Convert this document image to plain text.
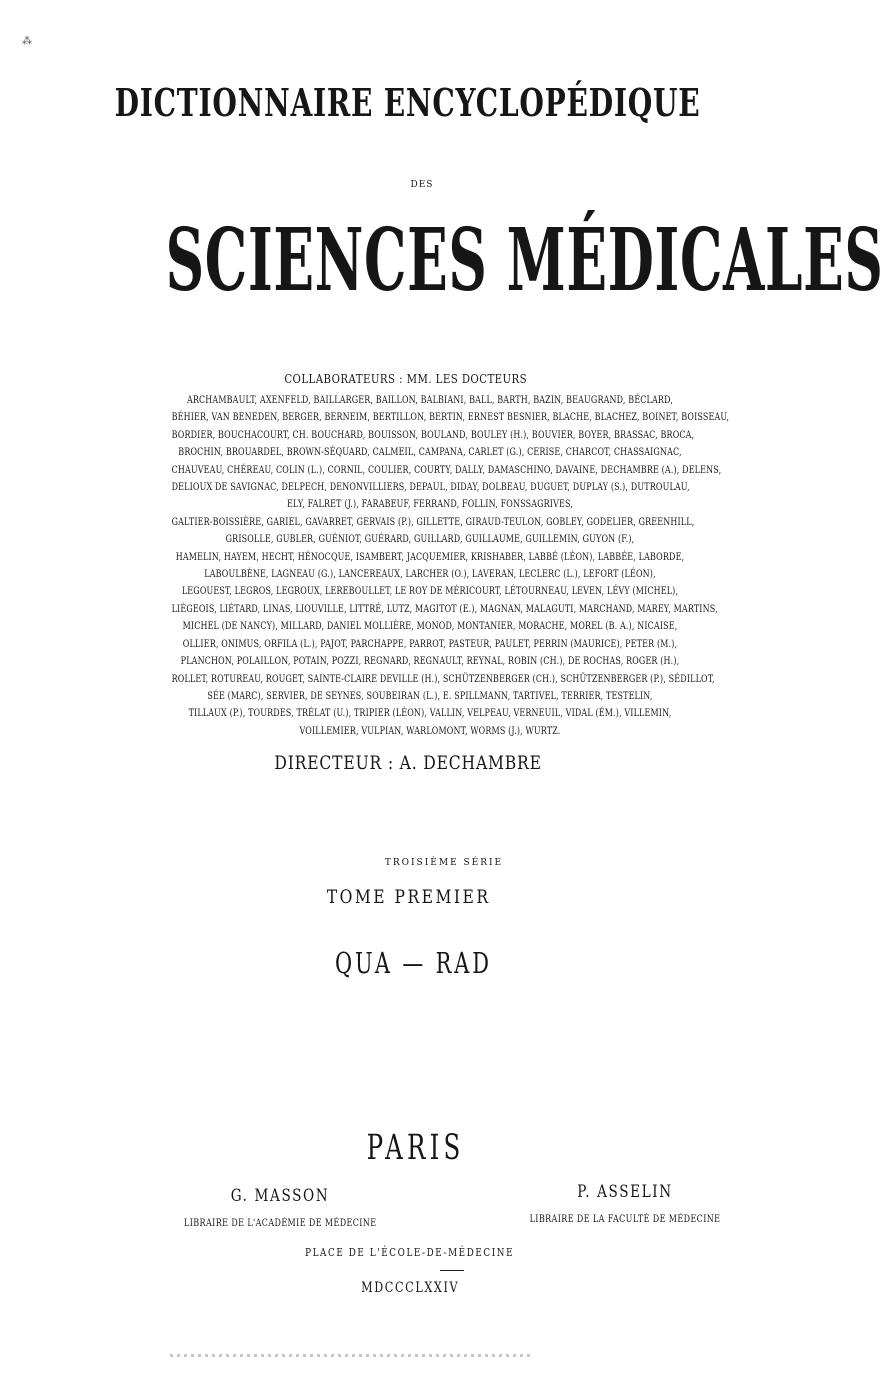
⁂
DICTIONNAIRE ENCYCLOPÉDIQUE
DES
SCIENCES MÉDICALES
COLLABORATEURS : MM. LES DOCTEURS
ARCHAMBAULT, AXENFELD, BAILLARGER, BAILLON, BALBIANI, BALL, BARTH, BAZIN, BEAUGRAND, BÉCLARD,
BÉHIER, VAN BENEDEN, BERGER, BERNEIM, BERTILLON, BERTIN, ERNEST BESNIER, BLACHE, BLACHEZ, BOINET, BOISSEAU,
BORDIER, BOUCHACOURT, CH. BOUCHARD, BOUISSON, BOULAND, BOULEY (H.), BOUVIER, BOYER, BRASSAC, BROCA,
BROCHIN, BROUARDEL, BROWN-SÉQUARD, CALMEIL, CAMPANA, CARLET (G.), CERISE, CHARCOT, CHASSAIGNAC,
CHAUVEAU, CHÉREAU, COLIN (L.), CORNIL, COULIER, COURTY, DALLY, DAMASCHINO, DAVAINE, DECHAMBRE (A.), DELENS,
DELIOUX DE SAVIGNAC, DELPECH, DENONVILLIERS, DEPAUL, DIDAY, DOLBEAU, DUGUET, DUPLAY (S.), DUTROULAU,
ELY, FALRET (J.), FARABEUF, FERRAND, FOLLIN, FONSSAGRIVES,
GALTIER-BOISSIÈRE, GARIEL, GAVARRET, GERVAIS (P.), GILLETTE, GIRAUD-TEULON, GOBLEY, GODELIER, GREENHILL,
GRISOLLE, GUBLER, GUÉNIOT, GUÉRARD, GUILLARD, GUILLAUME, GUILLEMIN, GUYON (F.),
HAMELIN, HAYEM, HECHT, HÉNOCQUE, ISAMBERT, JACQUEMIER, KRISHABER, LABBÉ (LÉON), LABBÉE, LABORDE,
LABOULBÈNE, LAGNEAU (G.), LANCEREAUX, LARCHER (O.), LAVERAN, LECLERC (L.), LEFORT (LÉON),
LEGOUEST, LEGROS, LEGROUX, LEREBOULLET, LE ROY DE MÉRICOURT, LÉTOURNEAU, LEVEN, LÉVY (MICHEL),
LIÉGEOIS, LIÉTARD, LINAS, LIOUVILLE, LITTRÉ, LUTZ, MAGITOT (E.), MAGNAN, MALAGUTI, MARCHAND, MAREY, MARTINS,
MICHEL (DE NANCY), MILLARD, DANIEL MOLLIÈRE, MONOD, MONTANIER, MORACHE, MOREL (B. A.), NICAISE,
OLLIER, ONIMUS, ORFILA (L.), PAJOT, PARCHAPPE, PARROT, PASTEUR, PAULET, PERRIN (MAURICE), PETER (M.),
PLANCHON, POLAILLON, POTAIN, POZZI, REGNARD, REGNAULT, REYNAL, ROBIN (CH.), DE ROCHAS, ROGER (H.),
ROLLET, ROTUREAU, ROUGET, SAINTE-CLAIRE DEVILLE (H.), SCHÜTZENBERGER (CH.), SCHÜTZENBERGER (P.), SÉDILLOT,
SÉE (MARC), SERVIER, DE SEYNES, SOUBEIRAN (L.), E. SPILLMANN, TARTIVEL, TERRIER, TESTELIN,
TILLAUX (P.), TOURDES, TRÉLAT (U.), TRIPIER (LÉON), VALLIN, VELPEAU, VERNEUIL, VIDAL (ÉM.), VILLEMIN,
VOILLEMIER, VULPIAN, WARLOMONT, WORMS (J.), WURTZ.
DIRECTEUR : A. DECHAMBRE
TROISIÈME SÉRIE
TOME PREMIER
QUA — RAD
PARIS
G. MASSON
LIBRAIRE DE L'ACADÉMIE DE MÉDECINE
P. ASSELIN
LIBRAIRE DE LA FACULTÉ DE MÉDECINE
PLACE DE L'ÉCOLE-DE-MÉDECINE
MDCCCLXXIV
